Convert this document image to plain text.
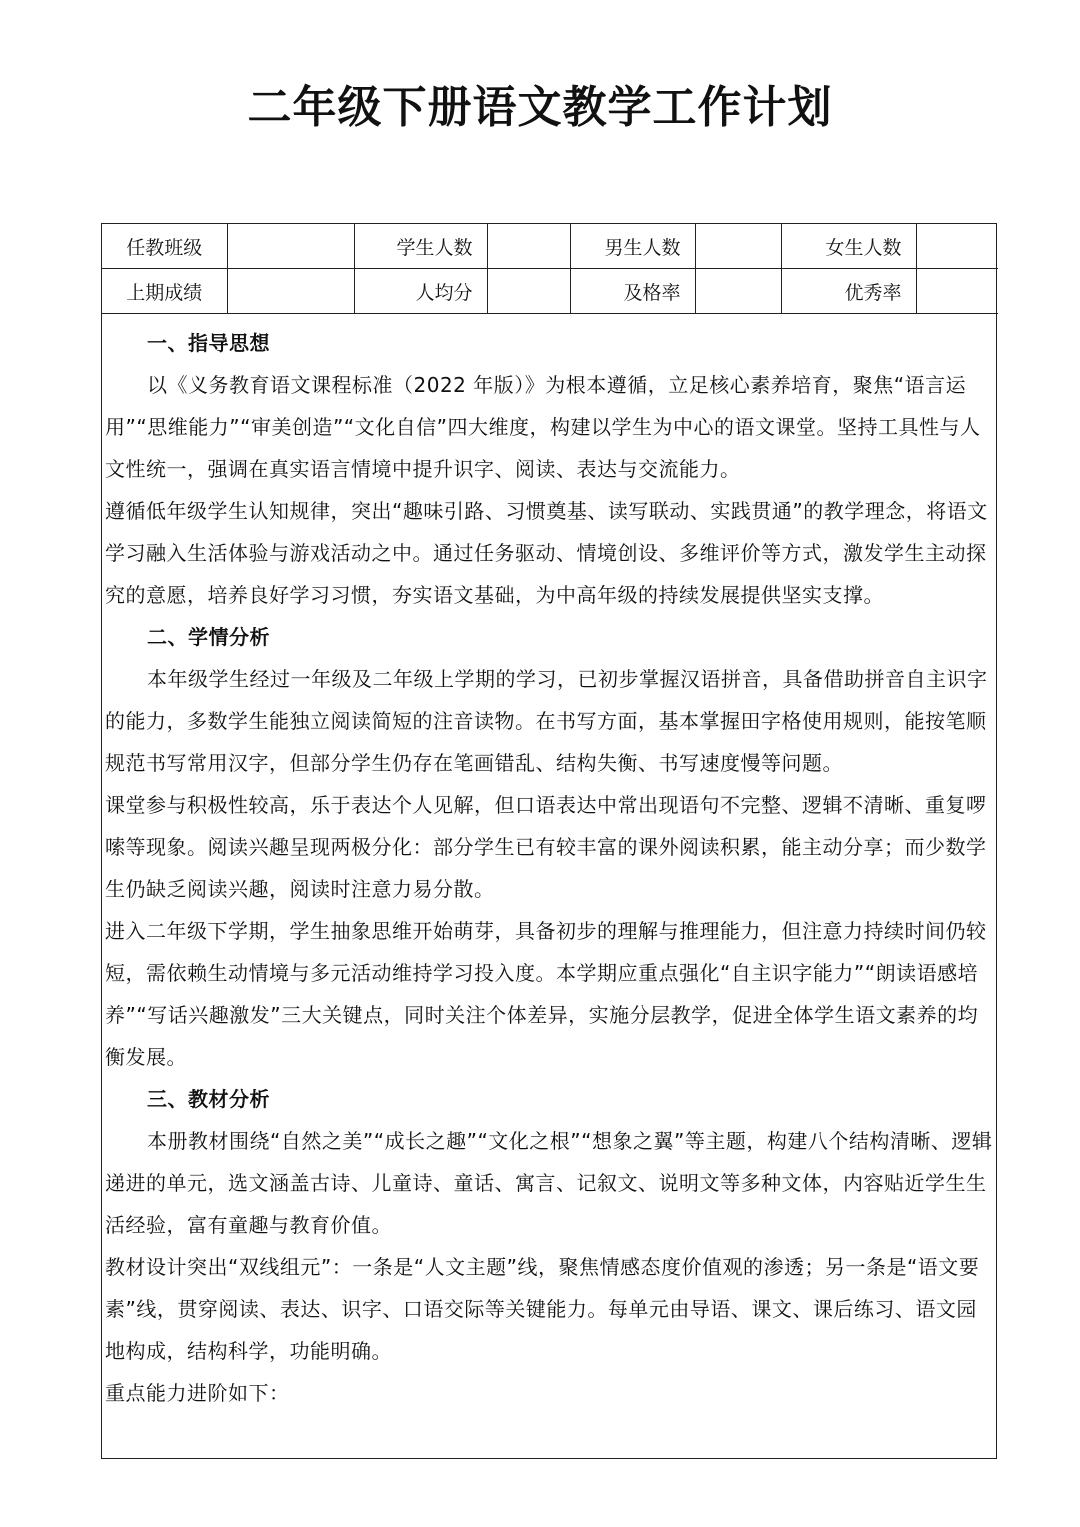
二年级下册语文教学工作计划
任教班级		学生人数		男生人数		女生人数	
上期成绩		人均分		及格率		优秀率	

一、指导思想

以《义务教育语文课程标准（2022 年版）》为根本遵循，立足核心素养培育，聚焦“语言运用”“思维能力”“审美创造”“文化自信”四大维度，构建以学生为中心的语文课堂。坚持工具性与人文性统一，强调在真实语言情境中提升识字、阅读、表达与交流能力。

遵循低年级学生认知规律，突出“趣味引路、习惯奠基、读写联动、实践贯通”的教学理念，将语文学习融入生活体验与游戏活动之中。通过任务驱动、情境创设、多维评价等方式，激发学生主动探究的意愿，培养良好学习习惯，夯实语文基础，为中高年级的持续发展提供坚实支撑。

二、学情分析

本年级学生经过一年级及二年级上学期的学习，已初步掌握汉语拼音，具备借助拼音自主识字的能力，多数学生能独立阅读简短的注音读物。在书写方面，基本掌握田字格使用规则，能按笔顺规范书写常用汉字，但部分学生仍存在笔画错乱、结构失衡、书写速度慢等问题。

课堂参与积极性较高，乐于表达个人见解，但口语表达中常出现语句不完整、逻辑不清晰、重复啰嗦等现象。阅读兴趣呈现两极分化：部分学生已有较丰富的课外阅读积累，能主动分享；而少数学生仍缺乏阅读兴趣，阅读时注意力易分散。

进入二年级下学期，学生抽象思维开始萌芽，具备初步的理解与推理能力，但注意力持续时间仍较短，需依赖生动情境与多元活动维持学习投入度。本学期应重点强化“自主识字能力”“朗读语感培养”“写话兴趣激发”三大关键点，同时关注个体差异，实施分层教学，促进全体学生语文素养的均衡发展。

三、教材分析

本册教材围绕“自然之美”“成长之趣”“文化之根”“想象之翼”等主题，构建八个结构清晰、逻辑递进的单元，选文涵盖古诗、儿童诗、童话、寓言、记叙文、说明文等多种文体，内容贴近学生生活经验，富有童趣与教育价值。

教材设计突出“双线组元”：一条是“人文主题”线，聚焦情感态度价值观的渗透；另一条是“语文要素”线，贯穿阅读、表达、识字、口语交际等关键能力。每单元由导语、课文、课后练习、语文园地构成，结构科学，功能明确。

重点能力进阶如下：
